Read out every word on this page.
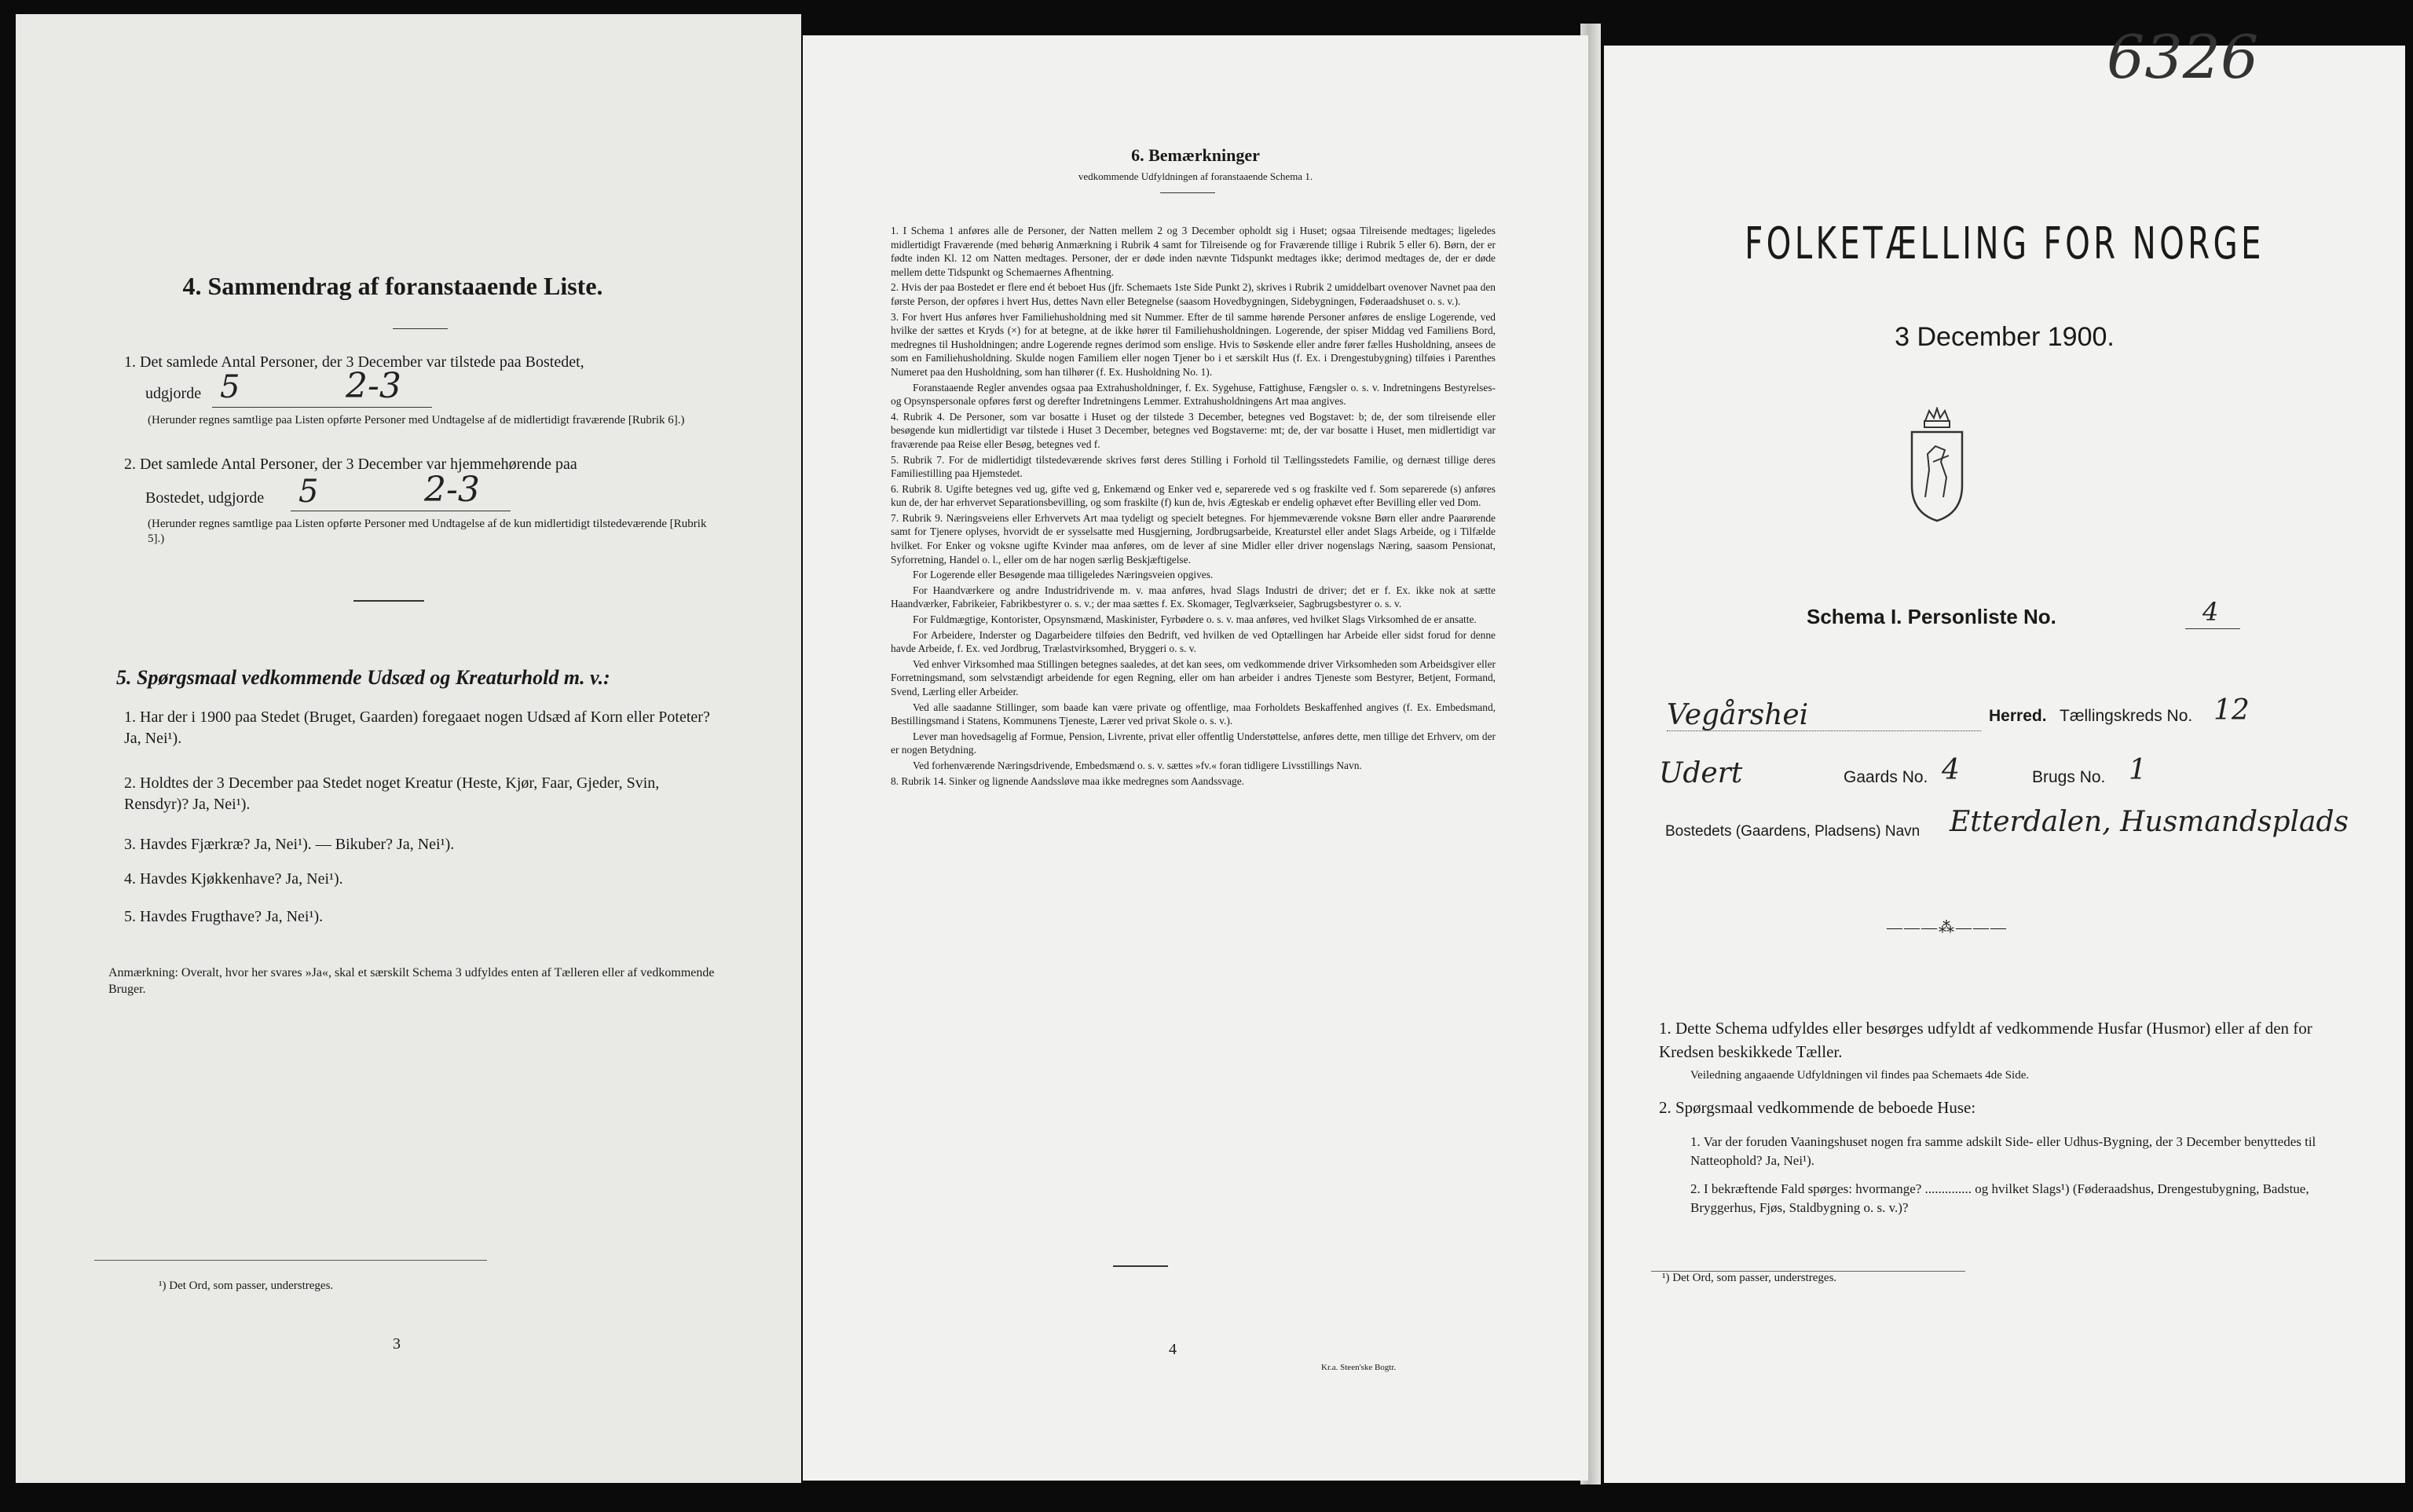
4. Sammendrag af foranstaaende Liste.
1. Det samlede Antal Personer, der 3 December var tilstede paa Bostedet,
udgjorde 5	2-3
(Herunder regnes samtlige paa Listen opførte Personer med Undtagelse af de midlertidigt fraværende [Rubrik 6].)
2. Det samlede Antal Personer, der 3 December var hjemmehørende paa
Bostedet, udgjorde 5	2-3
(Herunder regnes samtlige paa Listen opførte Personer med Undtagelse af de kun midlertidigt tilstedeværende [Rubrik 5].)
5. Spørgsmaal vedkommende Udsæd og Kreaturhold m. v.:
1. Har der i 1900 paa Stedet (Bruget, Gaarden) foregaaet nogen Udsæd af Korn eller Poteter? Ja, Nei¹).
2. Holdtes der 3 December paa Stedet noget Kreatur (Heste, Kjør, Faar, Gjeder, Svin, Rensdyr)? Ja, Nei¹).
3. Havdes Fjærkræ? Ja, Nei¹). — Bikuber? Ja, Nei¹).
4. Havdes Kjøkkenhave? Ja, Nei¹).
5. Havdes Frugthave? Ja, Nei¹).
Anmærkning: Overalt, hvor her svares »Ja«, skal et særskilt Schema 3 udfyldes enten af Tælleren eller af vedkommende Bruger.
¹) Det Ord, som passer, understreges.
3
6. Bemærkninger
vedkommende Udfyldningen af foranstaaende Schema 1.

1. I Schema 1 anføres alle de Personer, der Natten mellem 2 og 3 December opholdt sig i Huset; ogsaa Tilreisende medtages; ligeledes midlertidigt Fraværende (med behørig Anmærkning i Rubrik 4 samt for Tilreisende og for Fraværende tillige i Rubrik 5 eller 6). Børn, der er fødte inden Kl. 12 om Natten medtages. Personer, der er døde inden nævnte Tidspunkt medtages ikke; derimod medtages de, der er døde mellem dette Tidspunkt og Schemaernes Afhentning.

2. Hvis der paa Bostedet er flere end ét beboet Hus (jfr. Schemaets 1ste Side Punkt 2), skrives i Rubrik 2 umiddelbart ovenover Navnet paa den første Person, der opføres i hvert Hus, dettes Navn eller Betegnelse (saasom Hovedbygningen, Sidebygningen, Føderaadshuset o. s. v.).

3. For hvert Hus anføres hver Familiehusholdning med sit Nummer. Efter de til samme hørende Personer anføres de enslige Logerende, ved hvilke der sættes et Kryds (×) for at betegne, at de ikke hører til Familiehusholdningen. Logerende, der spiser Middag ved Familiens Bord, medregnes til Husholdningen; andre Logerende regnes derimod som enslige. Hvis to Søskende eller andre fører fælles Husholdning, ansees de som en Familiehusholdning. Skulde nogen Familiem eller nogen Tjener bo i et særskilt Hus (f. Ex. i Drengestubygning) tilføies i Parenthes Numeret paa den Husholdning, som han tilhører (f. Ex. Husholdning No. 1).

Foranstaaende Regler anvendes ogsaa paa Extrahusholdninger, f. Ex. Sygehuse, Fattighuse, Fængsler o. s. v. Indretningens Bestyrelses- og Opsynspersonale opføres først og derefter Indretningens Lemmer. Extrahusholdningens Art maa angives.

4. Rubrik 4. De Personer, som var bosatte i Huset og der tilstede 3 December, betegnes ved Bogstavet: b; de, der som tilreisende eller besøgende kun midlertidigt var tilstede i Huset 3 December, betegnes ved Bogstaverne: mt; de, der var bosatte i Huset, men midlertidigt var fraværende paa Reise eller Besøg, betegnes ved f.

5. Rubrik 7. For de midlertidigt tilstedeværende skrives først deres Stilling i Forhold til Tællingsstedets Familie, og dernæst tillige deres Familiestilling paa Hjemstedet.

6. Rubrik 8. Ugifte betegnes ved ug, gifte ved g, Enkemænd og Enker ved e, separerede ved s og fraskilte ved f. Som separerede (s) anføres kun de, der har erhvervet Separationsbevilling, og som fraskilte (f) kun de, hvis Ægteskab er endelig ophævet efter Bevilling eller ved Dom.

7. Rubrik 9. Næringsveiens eller Erhvervets Art maa tydeligt og specielt betegnes. For hjemmeværende voksne Børn eller andre Paarørende samt for Tjenere oplyses, hvorvidt de er sysselsatte med Husgjerning, Jordbrugsarbeide, Kreaturstel eller andet Slags Arbeide, og i Tilfælde hvilket. For Enker og voksne ugifte Kvinder maa anføres, om de lever af sine Midler eller driver nogenslags Næring, saasom Pensionat, Syforretning, Handel o. l., eller om de har nogen særlig Beskjæftigelse.

For Logerende eller Besøgende maa tilligeledes Næringsveien opgives.

For Haandværkere og andre Industridrivende m. v. maa anføres, hvad Slags Industri de driver; det er f. Ex. ikke nok at sætte Haandværker, Fabrikeier, Fabrikbestyrer o. s. v.; der maa sættes f. Ex. Skomager, Teglværkseier, Sagbrugsbestyrer o. s. v.

For Fuldmægtige, Kontorister, Opsynsmænd, Maskinister, Fyrbødere o. s. v. maa anføres, ved hvilket Slags Virksomhed de er ansatte.

For Arbeidere, Inderster og Dagarbeidere tilføies den Bedrift, ved hvilken de ved Optællingen har Arbeide eller sidst forud for denne havde Arbeide, f. Ex. ved Jordbrug, Trælastvirksomhed, Bryggeri o. s. v.

Ved enhver Virksomhed maa Stillingen betegnes saaledes, at det kan sees, om vedkommende driver Virksomheden som Arbeidsgiver eller Forretningsmand, som selvstændigt arbeidende for egen Regning, eller om han arbeider i andres Tjeneste som Bestyrer, Betjent, Formand, Svend, Lærling eller Arbeider.

Ved alle saadanne Stillinger, som baade kan være private og offentlige, maa Forholdets Beskaffenhed angives (f. Ex. Embedsmand, Bestillingsmand i Statens, Kommunens Tjeneste, Lærer ved privat Skole o. s. v.).

Lever man hovedsagelig af Formue, Pension, Livrente, privat eller offentlig Understøttelse, anføres dette, men tillige det Erhverv, om der er nogen Betydning.

Ved forhenværende Næringsdrivende, Embedsmænd o. s. v. sættes »fv.« foran tidligere Livsstillings Navn.

8. Rubrik 14. Sinker og lignende Aandssløve maa ikke medregnes som Aandssvage.

4
Kr.a. Steen'ske Bogtr.
6326
FOLKETÆLLING FOR NORGE
3 December 1900.
Schema I. Personliste No.	4
Vegårshei	Herred. Tællingskreds No. 12
Udert	Gaards No. 4	Brugs No. 1
Bostedets (Gaardens, Pladsens) Navn Etterdalen, Husmandsplads
―――⁂―――
1. Dette Schema udfyldes eller besørges udfyldt af vedkommende Husfar (Husmor) eller af den for Kredsen beskikkede Tæller.
Veiledning angaaende Udfyldningen vil findes paa Schemaets 4de Side.
2. Spørgsmaal vedkommende de beboede Huse:
1. Var der foruden Vaaningshuset nogen fra samme adskilt Side- eller Udhus-Bygning, der 3 December benyttedes til Natteophold? Ja, Nei¹).
2. I bekræftende Fald spørges: hvormange? .............. og hvilket Slags¹) (Føderaadshus, Drengestubygning, Badstue, Bryggerhus, Fjøs, Staldbygning o. s. v.)?
¹) Det Ord, som passer, understreges.
